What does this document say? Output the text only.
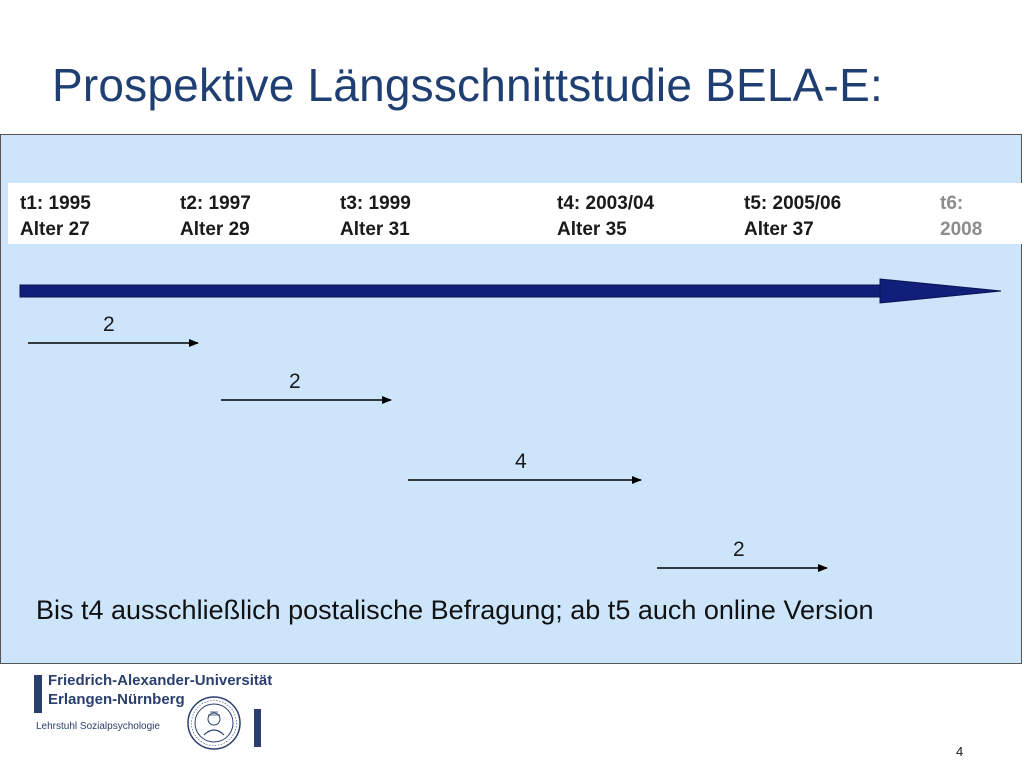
Prospektive Längsschnittstudie BELA-E:
t1: 1995
Alter 27
t2: 1997
Alter 29
t3: 1999
Alter 31
t4: 2003/04
Alter 35
t5: 2005/06
Alter 37
t6:
2008
2
2
4
2
Bis t4 ausschließlich postalische Befragung; ab t5 auch online Version
Friedrich-Alexander-Universität
Erlangen-Nürnberg
Lehrstuhl Sozialpsychologie
4
